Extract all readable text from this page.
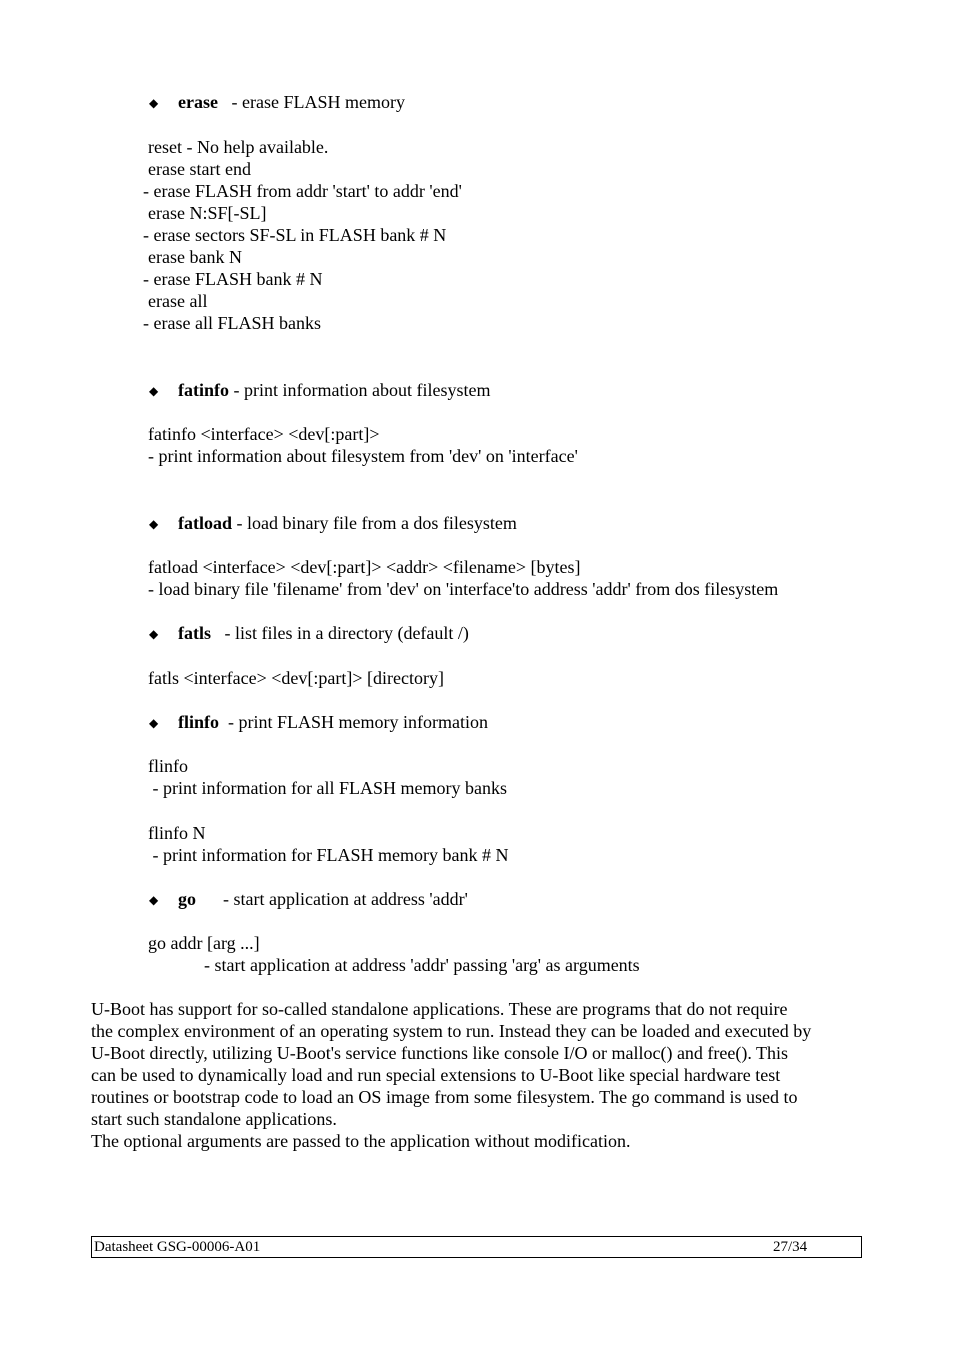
◆ erase   - erase FLASH memory
reset - No help available.
erase start end
- erase FLASH from addr 'start' to addr 'end'
erase N:SF[-SL]
- erase sectors SF-SL in FLASH bank # N
erase bank N
- erase FLASH bank # N
erase all
- erase all FLASH banks
◆ fatinfo - print information about filesystem
fatinfo <interface> <dev[:part]>
- print information about filesystem from 'dev' on 'interface'
◆ fatload - load binary file from a dos filesystem
fatload <interface> <dev[:part]> <addr> <filename> [bytes]
- load binary file 'filename' from 'dev' on 'interface'to address 'addr' from dos filesystem
◆ fatls   - list files in a directory (default /)
fatls <interface> <dev[:part]> [directory]
◆ flinfo  - print FLASH memory information
flinfo
- print information for all FLASH memory banks
flinfo N
- print information for FLASH memory bank # N
◆ go      - start application at address 'addr'
go addr [arg ...]
- start application at address 'addr' passing 'arg' as arguments
U-Boot has support for so-called standalone applications. These are programs that do not require
the complex environment of an operating system to run. Instead they can be loaded and executed by
U-Boot directly, utilizing U-Boot's service functions like console I/O or malloc() and free(). This
can be used to dynamically load and run special extensions to U-Boot like special hardware test
routines or bootstrap code to load an OS image from some filesystem. The go command is used to
start such standalone applications.
The optional arguments are passed to the application without modification.
Datasheet GSG-00006-A01	27/34
